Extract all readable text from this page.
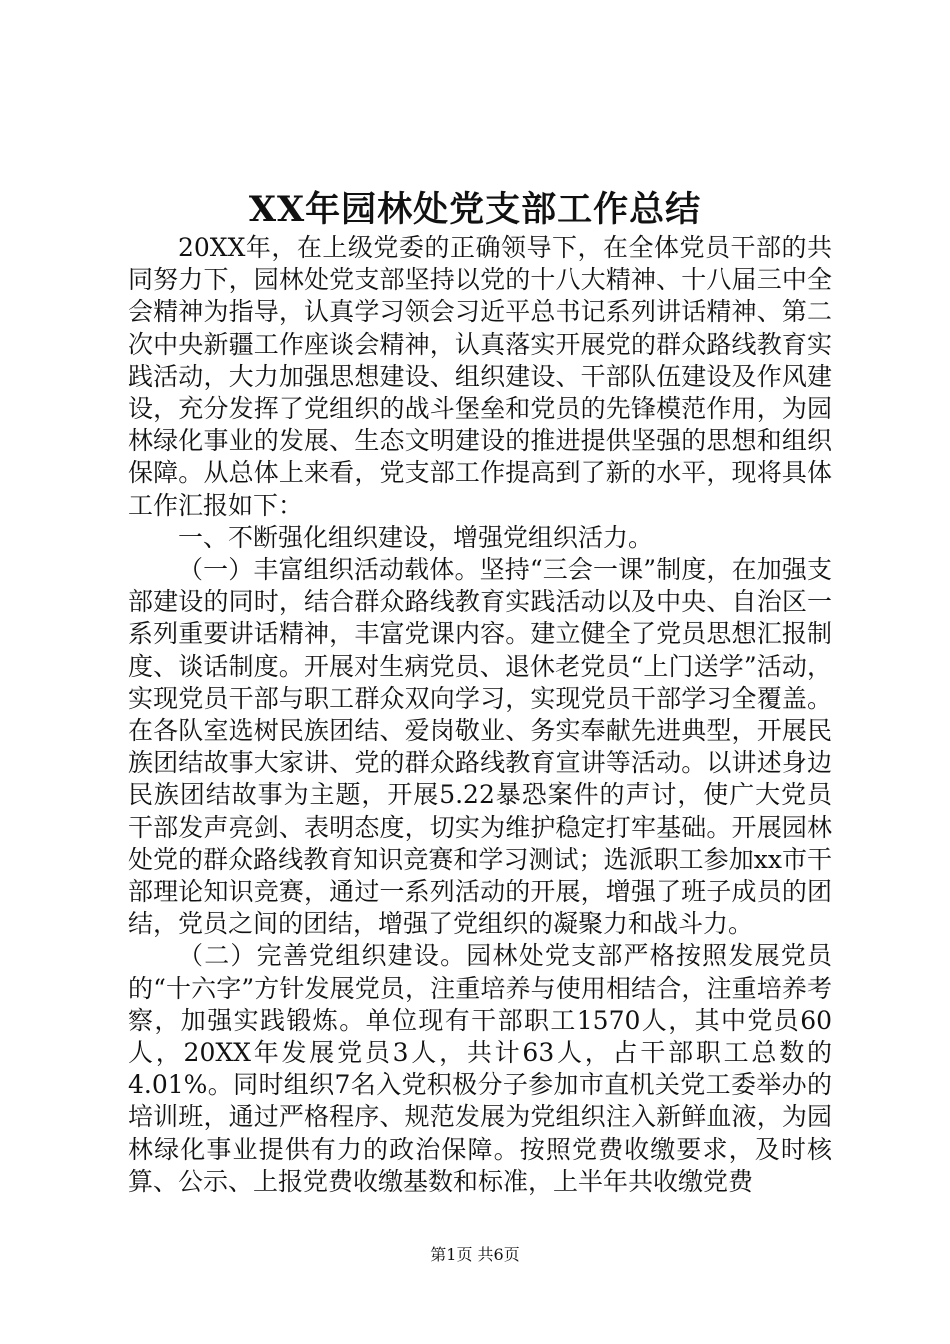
XX年园林处党支部工作总结

20XX年，在上级党委的正确领导下，在全体党员干部的共同努力下，园林处党支部坚持以党的十八大精神、十八届三中全会精神为指导，认真学习领会习近平总书记系列讲话精神、第二次中央新疆工作座谈会精神，认真落实开展党的群众路线教育实践活动，大力加强思想建设、组织建设、干部队伍建设及作风建设，充分发挥了党组织的战斗堡垒和党员的先锋模范作用，为园林绿化事业的发展、生态文明建设的推进提供坚强的思想和组织保障。从总体上来看，党支部工作提高到了新的水平，现将具体工作汇报如下：

一、不断强化组织建设，增强党组织活力。

（一）丰富组织活动载体。坚持“三会一课”制度，在加强支部建设的同时，结合群众路线教育实践活动以及中央、自治区一系列重要讲话精神，丰富党课内容。建立健全了党员思想汇报制度、谈话制度。开展对生病党员、退休老党员“上门送学”活动，实现党员干部与职工群众双向学习，实现党员干部学习全覆盖。在各队室选树民族团结、爱岗敬业、务实奉献先进典型，开展民族团结故事大家讲、党的群众路线教育宣讲等活动。以讲述身边民族团结故事为主题，开展5.22暴恐案件的声讨，使广大党员干部发声亮剑、表明态度，切实为维护稳定打牢基础。开展园林处党的群众路线教育知识竞赛和学习测试；选派职工参加xx市干部理论知识竞赛，通过一系列活动的开展，增强了班子成员的团结，党员之间的团结，增强了党组织的凝聚力和战斗力。

（二）完善党组织建设。园林处党支部严格按照发展党员的“十六字”方针发展党员，注重培养与使用相结合，注重培养考察，加强实践锻炼。单位现有干部职工1570人，其中党员60人，20XX年发展党员3人，共计63人，占干部职工总数的4.01%。同时组织7名入党积极分子参加市直机关党工委举办的培训班，通过严格程序、规范发展为党组织注入新鲜血液，为园林绿化事业提供有力的政治保障。按照党费收缴要求，及时核算、公示、上报党费收缴基数和标准，上半年共收缴党费

第1页 共6页
